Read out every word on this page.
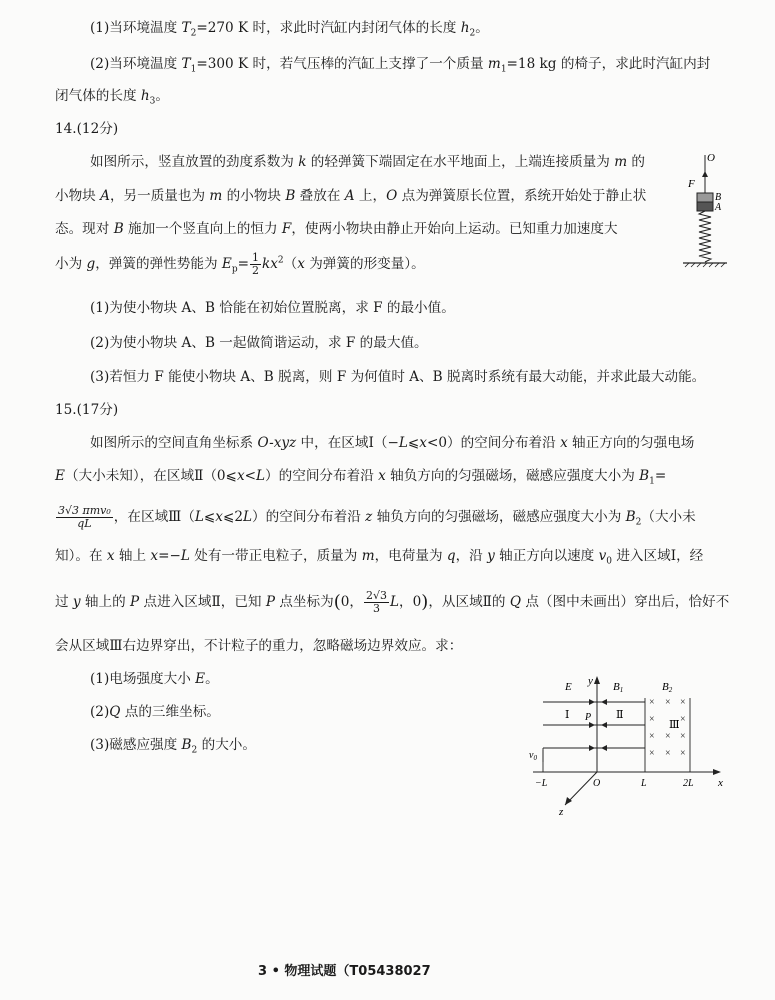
(1)当环境温度 $T_2=270$ K 时，求此时汽缸内封闭气体的长度 $h_2$。
(2)当环境温度 $T_1=300$ K 时，若气压棒的汽缸上支撑了一个质量 $m_1=18$ kg 的椅子，求此时汽缸内封
闭气体的长度 $h_3$。
14.(12分)
如图所示，竖直放置的劲度系数为 k 的轻弹簧下端固定在水平地面上，上端连接质量为 m 的
小物块 A，另一质量也为 m 的小物块 B 叠放在 A 上，O 点为弹簧原长位置，系统开始处于静止状
态。现对 B 施加一个竖直向上的恒力 F，使两小物块由静止开始向上运动。已知重力加速度大
小为 g，弹簧的弹性势能为 $E_p= \frac{1}{2} kx^2(x$ 为弹簧的形变量）。
(1)为使小物块 A、B 恰能在初始位置脱离，求 F 的最小值。
(2)为使小物块 A、B 一起做简谐运动，求 F 的最大值。
(3)若恒力 F 能使小物块 A、B 脱离，则 F 为何值时 A、B 脱离时系统有最大动能，并求此最大动能。
O
F
B
A
15.(17分)
如图所示的空间直角坐标系 O-xyz 中，在区域Ⅰ（−L⩽x<0）的空间分布着沿 x 轴正方向的匀强电场
E（大小未知），在区域Ⅱ（0⩽x<L）的空间分布着沿 x 轴负方向的匀强磁场，磁感应强度大小为 $B_1=$
$\frac{\text{3√3 πmv₀}}{qL}$ ，在区域Ⅲ（L⩽x⩽2L）的空间分布着沿 z 轴负方向的匀强磁场，磁感应强度大小为 $B_2$（大小未
知）。在 x 轴上 x=−L 处有一带正电粒子，质量为 m，电荷量为 q，沿 y 轴正方向以速度 $v_0$ 进入区域Ⅰ，经
过 y 轴上的 P 点进入区域Ⅱ，已知 P 点坐标为(0， $\frac{2√3}{3}$ L，0)，从区域Ⅱ的 Q 点（图中未画出）穿出后，恰好不
会从区域Ⅲ右边界穿出，不计粒子的重力，忽略磁场边界效应。求：
(1)电场强度大小 E。
(2)Q 点的三维坐标。
(3)磁感应强度 $B_2$ 的大小。
y
x
z
E	B1	B2
Ⅰ P Ⅱ
Ⅲ
$v_0$
−L	O	L	2L
× × ×
×	×
× × ×
× × ×
3 • 物理试题（T05438027
